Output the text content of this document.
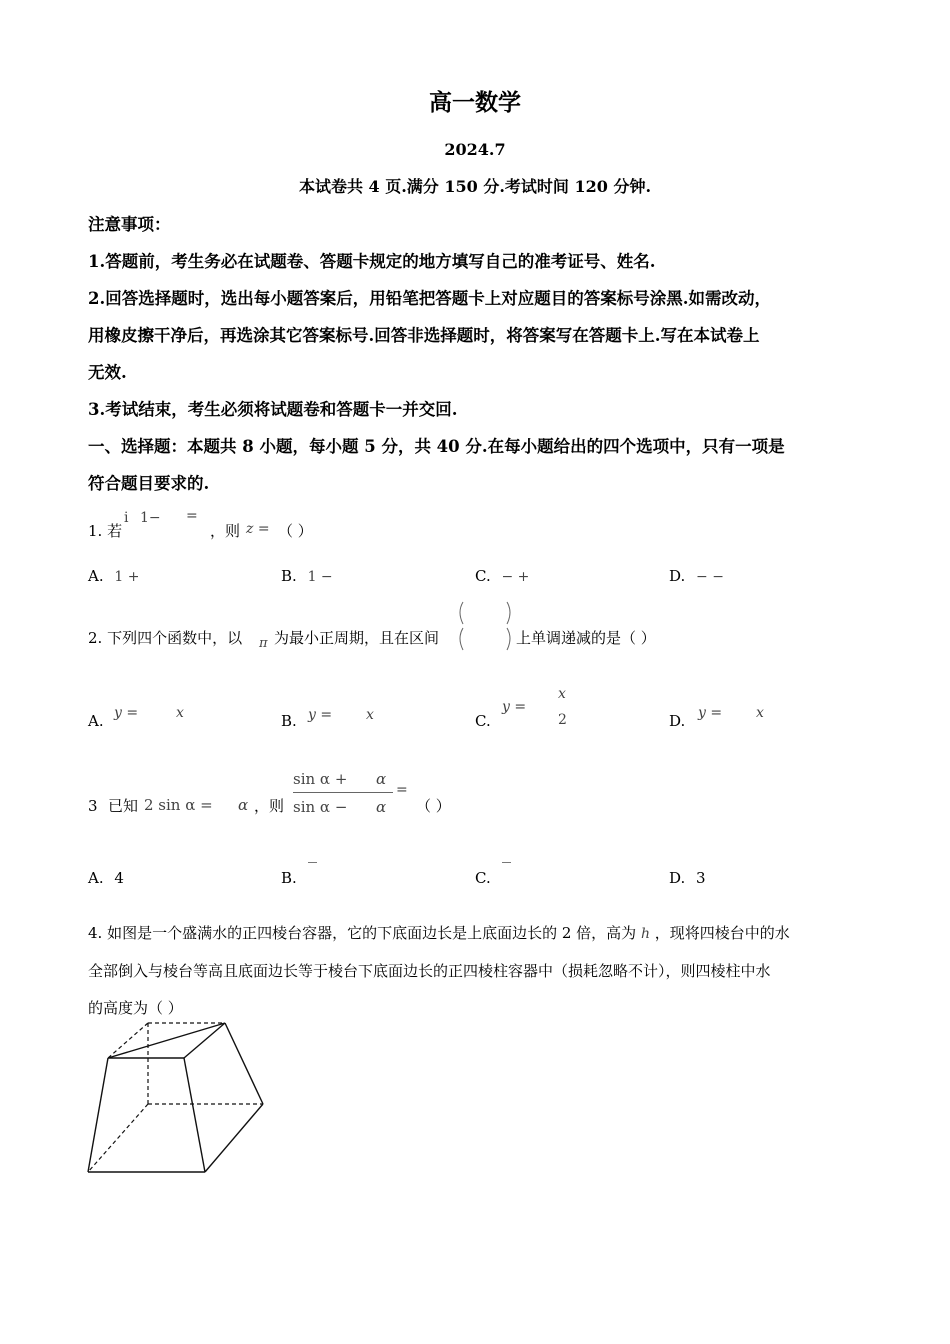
高一数学
2024.7
本试卷共 4 页.满分 150 分.考试时间 120 分钟.
注意事项：
1.答题前，考生务必在试题卷、答题卡规定的地方填写自己的准考证号、姓名.
2.回答选择题时，选出每小题答案后，用铅笔把答题卡上对应题目的答案标号涂黑.如需改动，
用橡皮擦干净后，再选涂其它答案标号.回答非选择题时，将答案写在答题卡上.写在本试卷上
无效.
3.考试结束，考生必须将试题卷和答题卡一并交回.
一、选择题：本题共 8 小题，每小题 5 分，共 40 分.在每小题给出的四个选项中，只有一项是
符合题目要求的.
1. 若
i 1− =
，则 z = （ ）
A. 1 +	B. 1 −	C. − +	D. − −
2. 下列四个函数中，以 π 为最小正周期，且在区间	上单调递减的是（ ）
A. y =	x	B. y = x	C.
y =
x
2	D. y = x
3 已知 2 sin α = α ，则
sin α + α
sin α − α
=
（ ）
A. 4	B.	C.	D. 3
4. 如图是一个盛满水的正四棱台容器，它的下底面边长是上底面边长的 2 倍，高为 h ，现将四棱台中的水
全部倒入与棱台等高且底面边长等于棱台下底面边长的正四棱柱容器中（损耗忽略不计），则四棱柱中水
的高度为（ ）
